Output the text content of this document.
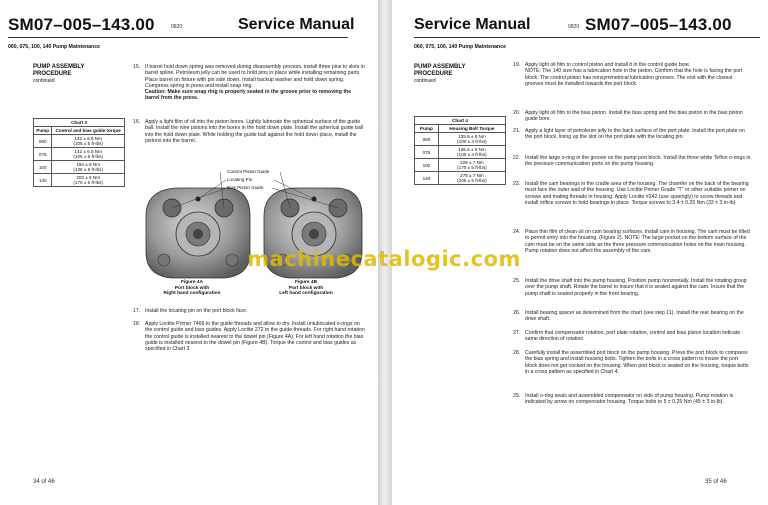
SM07–005–143.00	0820	Service Manual
060, 075, 100, 140 Pump Maintenance
PUMP ASSEMBLY PROCEDURE
continued
Chart 3	
Pump	Control and bias guide torque
060	142 ± 6.5 Nm
(105 ± 5 ft-lbs)
075	142 ± 6.5 Nm
(105 ± 5 ft-lbs)
100	184 ± 8 Nm
(136 ± 6 ft-lbs)
140	203 ± 8 Nm
(170 ± 6 ft-lbs)
15. If barrel hold down spring was removed during disassembly process, install three pins to slots in barrel spline. Petroleum jelly can be used to hold pins in place while installing remaining parts. Place barrel on fixture with pin side down. Install backup washer and hold down spring. Compress spring in press and install snap ring.
Caution: Make sure snap ring is properly seated in the groove prior to removing the barrel from the press.
16. Apply a light film of oil into the piston bores. Lightly lubricate the spherical surface of the guide ball. Install the nine pistons into the bores in the hold down plate. Install the spherical guide ball into the hold down plate. While holding the guide ball against the hold down place, install the pistons into the barrel.
Control Piston Guide
Locating Pin
Bias Piston Guide
Figure 4A
Port block with
Right hand configuration
Figure 4B
Port block with
Left hand configuration
17. Install the locating pin on the port block face.
18. Apply Loctite Primer 7469 to the guide threads and allow to dry. Install unlubricated o-rings on the control guide and bias guides. Apply Loctite 272 to the guide threads. For right hand rotation the control guide is installed nearest to the dowel pin (Figure 4A). For left hand rotation the bias guide is installed nearest to the dowel pin (Figure 4B). Torque the control and bias guides as specified in Chart 3.
34 of 46
Service Manual	0820 SM07–005–143.00
060, 075, 100, 140 Pump Maintenance
PUMP ASSEMBLY PROCEDURE
continued
Chart 4	
Pump	Housing Bolt Torque
060	135.6 ± 5 Nm
(100 ± 4 ft-lbs)
075	135.6 ± 5 Nm
(100 ± 4 ft-lbs)
100	229 ± 7 Nm
(170 ± 5 ft-lbs)
140	278 ± 7 Nm
(205 ± 5 ft-lbs)
19. Apply light oil film to control piston and install it in the control guide bore.
NOTE: The 140 size has a lubrication hole in the piston. Confirm that the hole is facing the port block. The control piston has nonsymmetrical lubrication grooves. The end with the closest grooves must be installed towards the port block.
20. Apply light oil film to the bias piston. Install the bias spring and the bias piston in the bias piston guide bore.
21. Apply a light layer of petroleum jelly to the back surface of the port plate. Install the port plate on the port block, lining up the slot on the port plate with the locating pin.
22. Install the large o-ring in the groove on the pump port block. Install the three white Teflon o-rings in the pressure communication ports on the pump housing.
23. Install the cam bearings in the cradle area of the housing. The chamfer on the back of the bearing must face the outer wall of the housing. Use Loctite Primer Grade "T" or other suitable primer on screws and mating threads in housing. Apply Loctite #242 (use sparingly) to screw threads and install orifice screws to hold bearings in place. Torque screws to 3.4 ± 0.25 Nm (33 ± 3 in-lb).
24. Place thin film of clean oil on cam bearing surfaces. Install cam in housing. The cam must be tilted to permit entry into the housing. (Figure 2). NOTE: The large pocket on the bottom surface of the cam must be on the same side as the three pressure communication holes on the main housing. Pump rotation does not affect the assembly of the cam.
25. Install the drive shaft into the pump housing. Position pump horizontally. Install the rotating group over the pump shaft. Rotate the barrel to insure that it is seated against the cam. Insure that the pump shaft is seated properly in the front bearing.
26. Install bearing spacer as determined from the chart (see step 11). Install the rear bearing on the drive shaft.
27. Confirm that compensator rotation, port plate rotation, control and bias piston location indicate same direction of rotation.
28. Carefully install the assembled port block on the pump housing. Press the port block to compress the bias spring and install housing bolts. Tighten the bolts in a cross pattern to insure the port block does not get cocked on the housing. When port block is seated on the housing, torque bolts in a cross pattern as specified in Chart 4.
29. Install o-ring seals and assembled compensator on side of pump housing. Pump rotation is indicated by arrow on compensator housing. Torque bolts to 5 ± 0.25 Nm (45 ± 3 in-lb).
35 of 46
machinecatalogic.com
